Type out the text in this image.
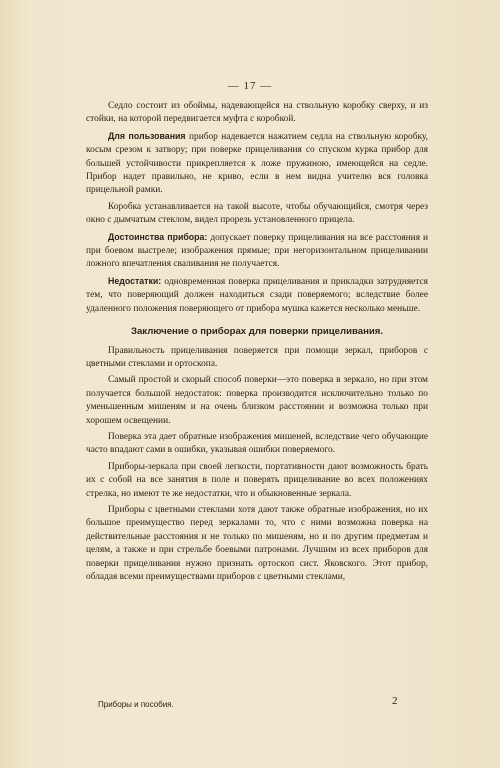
— 17 —

Седло состоит из обоймы, надевающейся на ствольную коробку сверху, и из стойки, на которой передвигается муфта с коробкой.

Для пользования прибор надевается нажатием седла на ствольную коробку, косым срезом к затвору; при поверке прицеливания со спуском курка прибор для большей устойчивости прикрепляется к ложе пружиною, имеющейся на седле. Прибор надет правильно, не криво, если в нем видна учителю вся головка прицельной рамки.

Коробка устанавливается на такой высоте, чтобы обучающийся, смотря через окно с дымчатым стеклом, видел прорезь установленного прицела.

Достоинства прибора: допускает поверку прицеливания на все расстояния и при боевом выстреле; изображения прямые; при негоризонтальном прицеливании ложного впечатления сваливания не получается.

Недостатки: одновременная поверка прицеливания и прикладки затрудняется тем, что поверяющий должен находиться сзади поверяемого; вследствие более удаленного положения поверяющего от прибора мушка кажется несколько меньше.

Заключение о приборах для поверки прицеливания.

Правильность прицеливания поверяется при помощи зеркал, приборов с цветными стеклами и ортоскопа.

Самый простой и скорый способ поверки—это поверка в зеркало, но при этом получается большой недостаток: поверка производится исключительно только по уменьшенным мишеням и на очень близком расстоянии и возможна только при хорошем освещении.

Поверка эта дает обратные изображения мишеней, вследствие чего обучающие часто впадают сами в ошибки, указывая ошибки поверяемого.

Приборы-зеркала при своей легкости, портативности дают возможность брать их с собой на все занятия в поле и поверять прицеливание во всех положениях стрелка, но имеют те же недостатки, что и обыкновенные зеркала.

Приборы с цветными стеклами хотя дают также обратные изображения, но их большое преимущество перед зеркалами то, что с ними возможна поверка на действительные расстояния и не только по мишеням, но и по другим предметам и целям, а также и при стрельбе боевыми патронами. Лучшим из всех приборов для поверки прицеливания нужно признать ортоскоп сист. Яковского. Этот прибор, обладая всеми преимуществами приборов с цветными стеклами,

Приборы и пособия.	2
